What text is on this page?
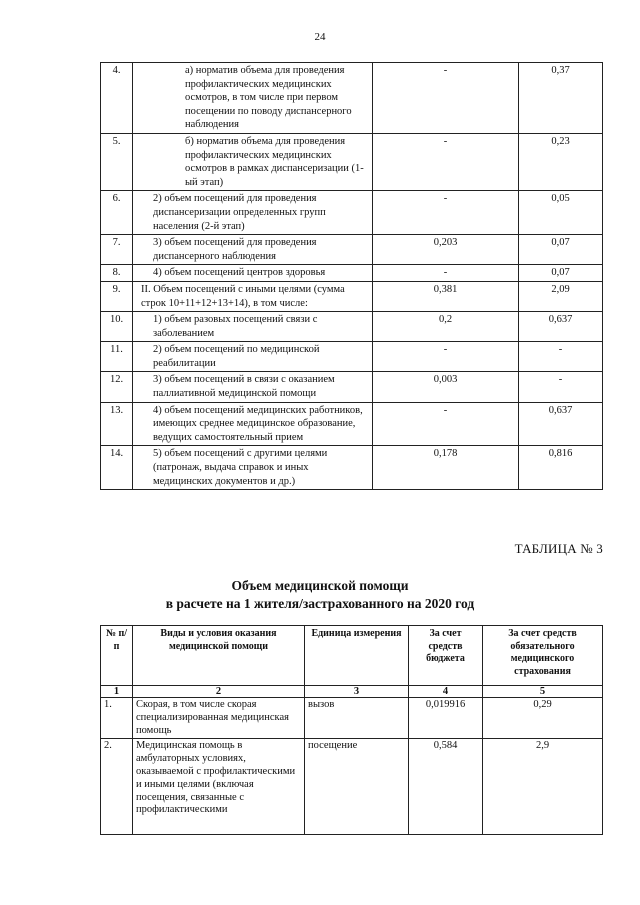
24
4.	а) норматив объема для проведения профилактических медицинских осмотров, в том числе при первом посещении по поводу диспансерного наблюдения	-	0,37
5.	б) норматив объема для проведения профилактических медицинских осмотров в рамках диспансеризации (1-ый этап)	-	0,23
6.	2) объем посещений для проведения диспансеризации определенных групп населения (2-й этап)	-	0,05
7.	3) объем посещений для проведения диспансерного наблюдения	0,203	0,07
8.	4) объем посещений центров здоровья	-	0,07
9.	II. Объем посещений с иными целями (сумма строк 10+11+12+13+14), в том числе:	0,381	2,09
10.	1) объем разовых посещений связи с заболеванием	0,2	0,637
11.	2) объем посещений по медицинской реабилитации	-	-
12.	3) объем посещений в связи с оказанием паллиативной медицинской помощи	0,003	-
13.	4) объем посещений медицинских работников, имеющих среднее медицинское образование, ведущих самостоятельный прием	-	0,637
14.	5) объем посещений с другими целями (патронаж, выдача справок и иных медицинских документов и др.)	0,178	0,816
ТАБЛИЦА № 3
Объем медицинской помощи
в расчете на 1 жителя/застрахованного на 2020 год
№ п/п	Виды и условия оказания медицинской помощи	Единица измерения	За счет средств бюджета	За счет средств обязательного медицинского страхования
1	2	3	4	5
1.	Скорая, в том числе скорая специализированная медицинская помощь	вызов	0,019916	0,29
2.	Медицинская помощь в амбулаторных условиях, оказываемой с профилактическими и иными целями (включая посещения, связанные с профилактическими	посещение	0,584	2,9
